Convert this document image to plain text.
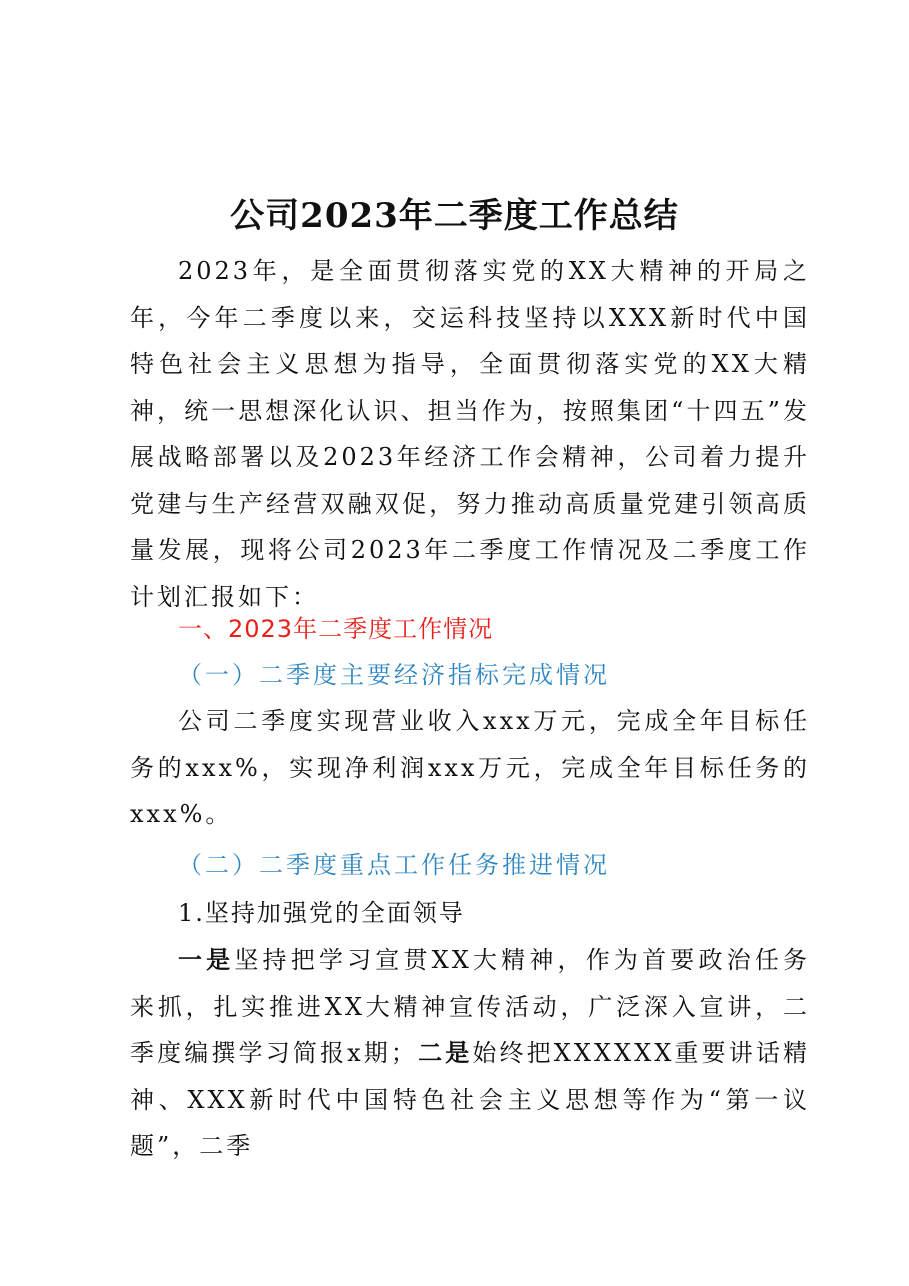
公司2023年二季度工作总结

2023年，是全面贯彻落实党的XX大精神的开局之年，今年二季度以来，交运科技坚持以XXX新时代中国特色社会主义思想为指导，全面贯彻落实党的XX大精神，统一思想深化认识、担当作为，按照集团“十四五”发展战略部署以及2023年经济工作会精神，公司着力提升党建与生产经营双融双促，努力推动高质量党建引领高质量发展，现将公司2023年二季度工作情况及二季度工作计划汇报如下：

一、2023年二季度工作情况
（一）二季度主要经济指标完成情况

公司二季度实现营业收入xxx万元，完成全年目标任务的xxx%，实现净利润xxx万元，完成全年目标任务的xxx%。

（二）二季度重点工作任务推进情况
1.坚持加强党的全面领导

一是坚持把学习宣贯XX大精神，作为首要政治任务来抓，扎实推进XX大精神宣传活动，广泛深入宣讲，二季度编撰学习简报x期；二是始终把XXXXXX重要讲话精神、XXX新时代中国特色社会主义思想等作为“第一议题”，二季
